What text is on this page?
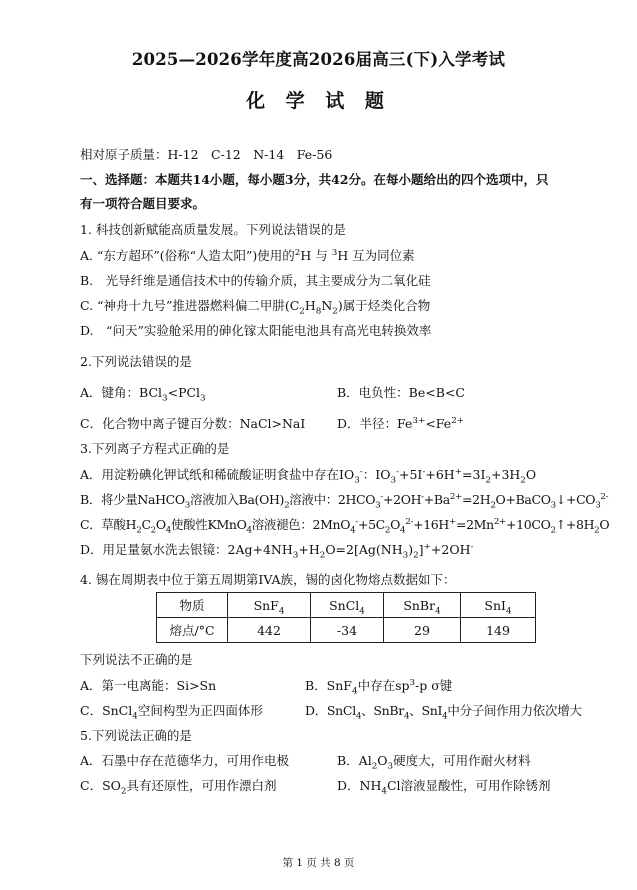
2025—2026学年度高2026届高三(下)入学考试
化 学 试 题
相对原子质量：H-12　C-12　N-14　Fe-56
一、选择题：本题共14小题，每小题3分，共42分。在每小题给出的四个选项中，只
有一项符合题目要求。
1. 科技创新赋能高质量发展。下列说法错误的是
A. “东方超环”(俗称“人造太阳”)使用的$^2$H 与 $^3$H 互为同位素
B.　光导纤维是通信技术中的传输介质，其主要成分为二氧化硅
C. “神舟十九号”推进器燃料偏二甲肼$(C_2H_8N_2)$属于烃类化合物
D.　“问天”实验舱采用的砷化镓太阳能电池具有高光电转换效率
2.下列说法错误的是
A．键角：BCl$_3$<PCl$_3$	B．电负性：Be<B<C
C．化合物中离子键百分数：NaCl>NaI	D．半径：$Fe^{3+}<Fe^{2+}$
3.下列离子方程式正确的是
A．用淀粉碘化钾试纸和稀硫酸证明食盐中存在$IO_3^-$：$IO_3^-+5I^-+6H^+=3I_2+3H_2O$
B．将少量NaHCO$_3$溶液加入$Ba(OH)_2$溶液中：$2HCO_3^-+2OH^-+Ba^{2+}=2H_2O+BaCO_3↓+CO_3^{2-}$
C．草酸$H_2C_2O_4$使酸性KMnO$_4$溶液褪色：$2MnO_4^-+5C_2O_4^{2-}+16H^+=2Mn^{2+}+10CO_2↑+8H_2O$
D．用足量氨水洗去银镜：$2Ag+4NH_3+H_2O=2[Ag(NH_3)_2]^++2OH^-$
4. 锡在周期表中位于第五周期第IVA族，锡的卤化物熔点数据如下：
物质	SnF$_4$	SnCl$_4$	SnBr$_4$	SnI$_4$
熔点/°C	442	-34	29	149
下列说法不正确的是
A．第一电离能：Si>Sn	B．SnF$_4$中存在$sp^3-p$ σ键
C．SnCl$_4$空间构型为正四面体形	D．SnCl$_4$、SnBr$_4$、SnI$_4$中分子间作用力依次增大
5.下列说法正确的是
A．石墨中存在范德华力，可用作电极	B．$Al_2O_3$硬度大，可用作耐火材料
C．$SO_2$具有还原性，可用作漂白剂	D．$NH_4Cl$溶液显酸性，可用作除锈剂
第 1 页 共 8 页
